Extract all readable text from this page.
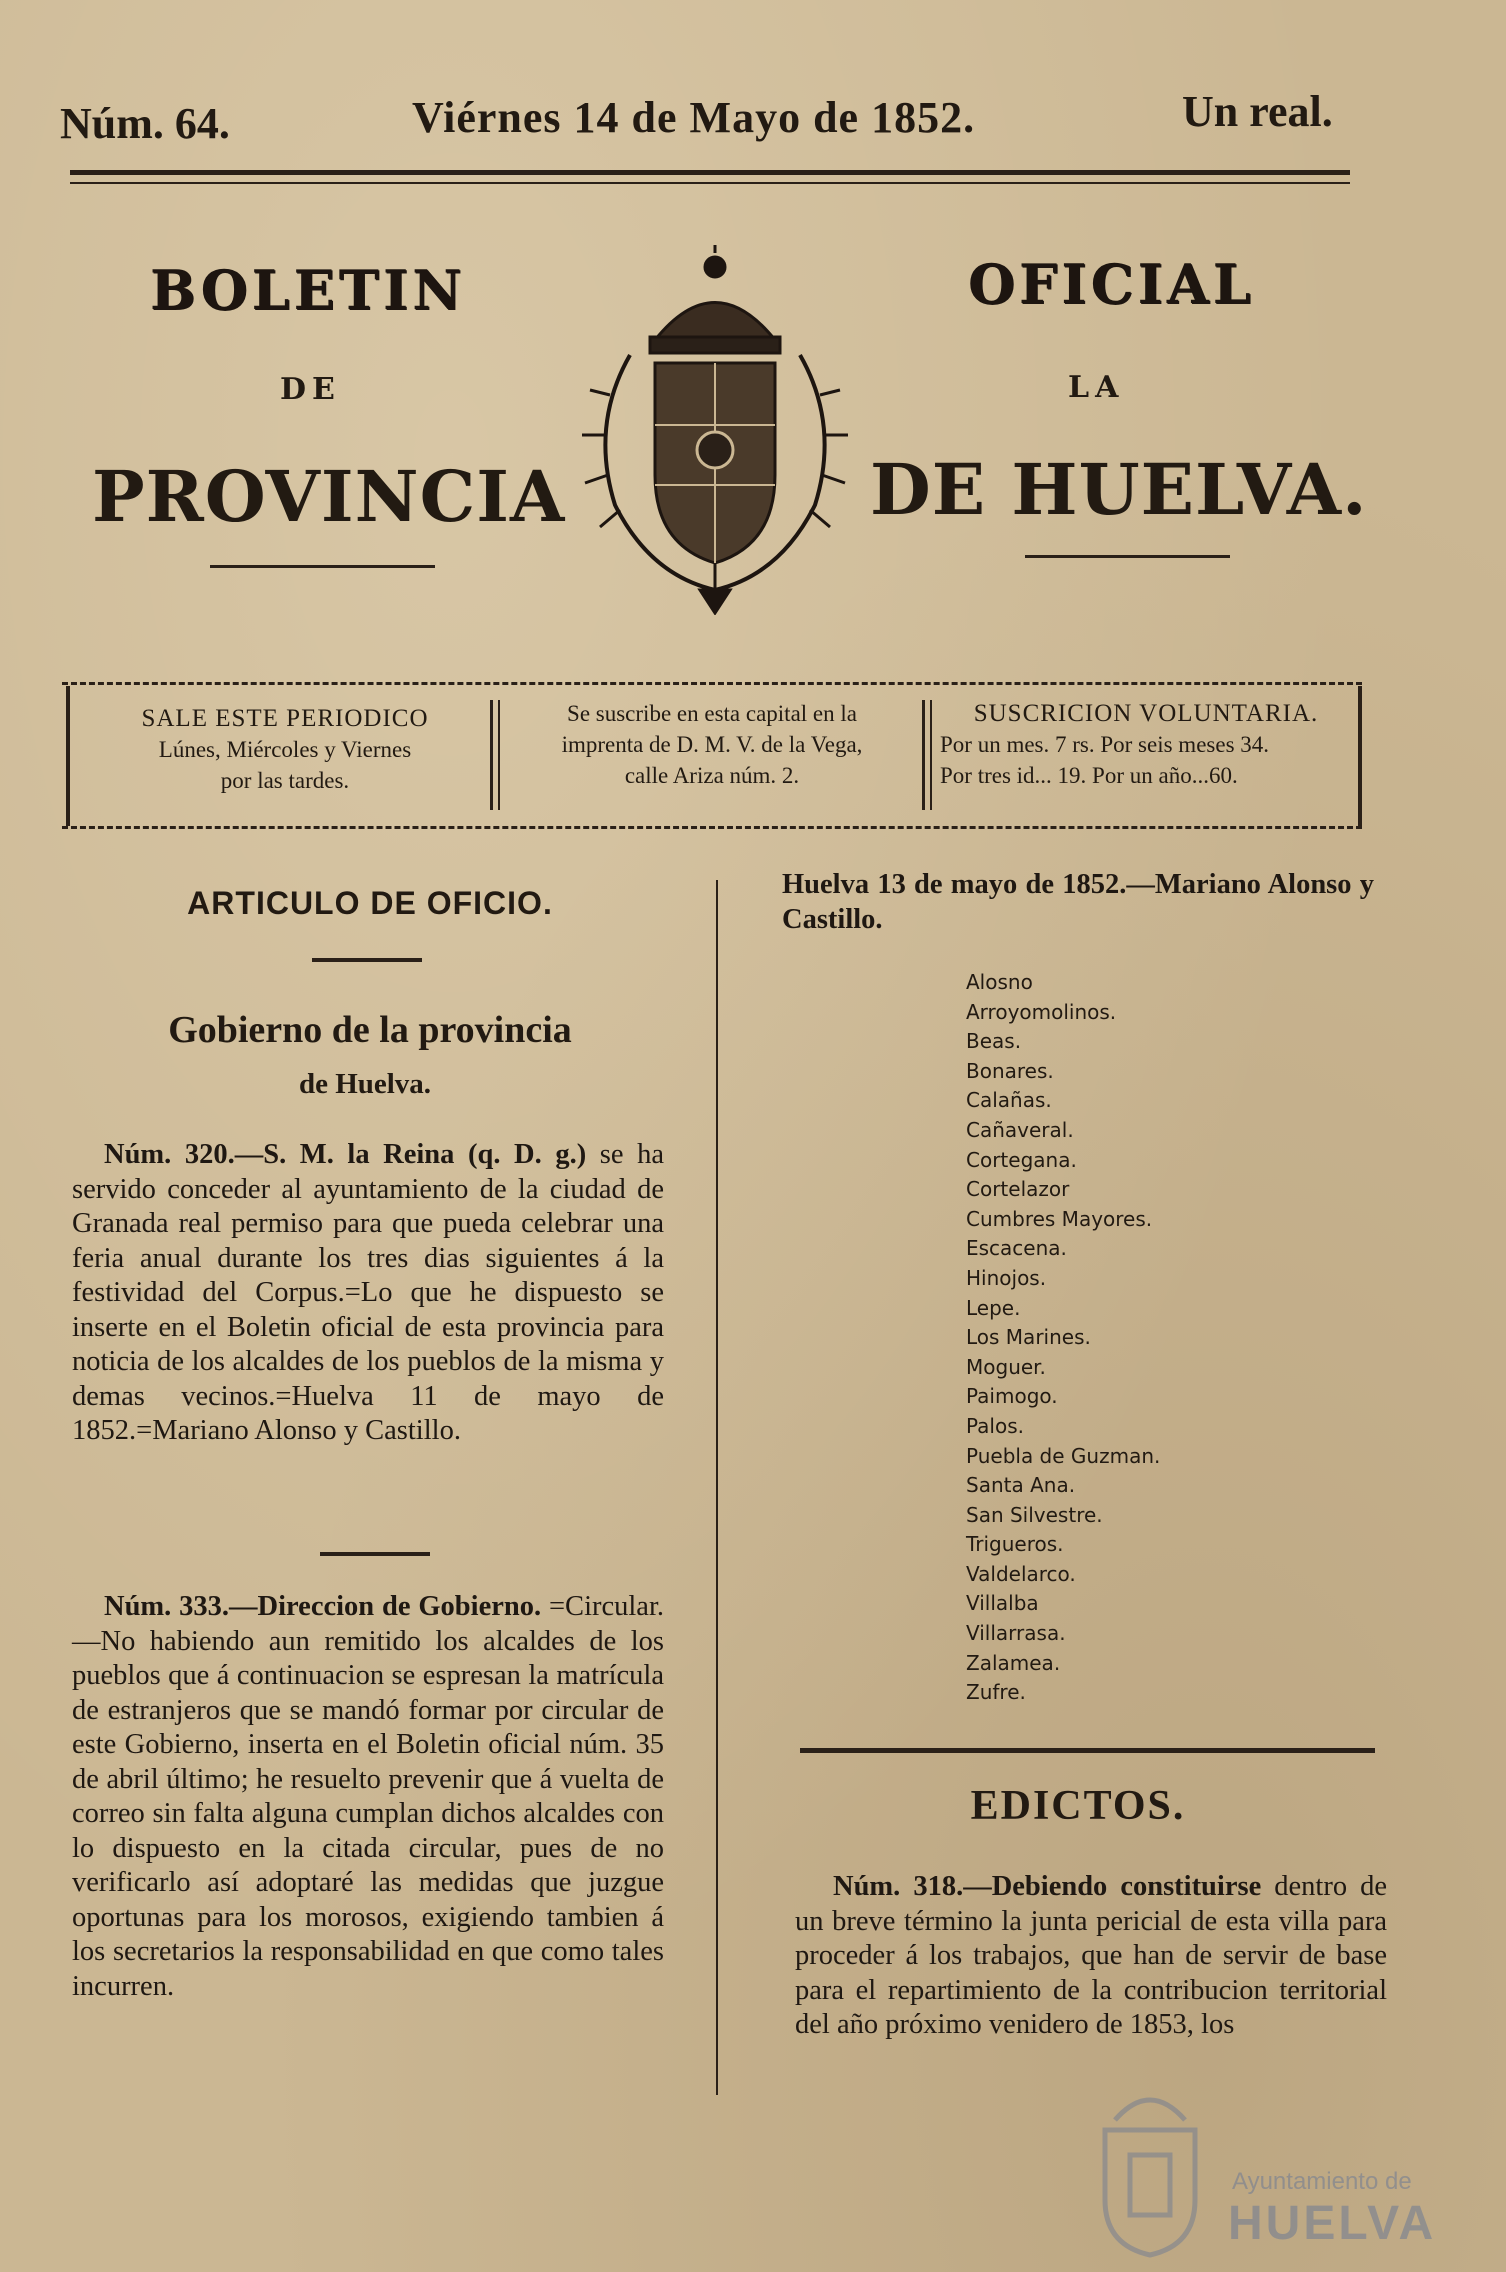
Núm. 64.	Viérnes 14 de Mayo de 1852.	Un real.
BOLETIN	OFICIAL
DE	LA
PROVINCIA	DE HUELVA.
SALE ESTE PERIODICO
Lúnes, Miércoles y Viernes
por las tardes.
Se suscribe en esta capital en la
imprenta de D. M. V. de la Vega,
calle Ariza núm. 2.
SUSCRICION VOLUNTARIA.
Por un mes. 7 rs. Por seis meses 34.
Por tres id... 19. Por un año...60.
ARTICULO DE OFICIO.
Gobierno de la provincia
de Huelva.
Núm. 320.—S. M. la Reina (q. D. g.) se ha servido conceder al ayuntamiento de la ciudad de Granada real permiso para que pueda celebrar una feria anual durante los tres dias siguientes á la festividad del Corpus.=Lo que he dispuesto se inserte en el Boletin oficial de esta provincia para noticia de los alcaldes de los pueblos de la misma y demas vecinos.=Huelva 11 de mayo de 1852.=Mariano Alonso y Castillo.
Núm. 333.—Direccion de Gobierno. =Circular.—No habiendo aun remitido los alcaldes de los pueblos que á continuacion se espresan la matrícula de estranjeros que se mandó formar por circular de este Gobierno, inserta en el Boletin oficial núm. 35 de abril último; he resuelto prevenir que á vuelta de correo sin falta alguna cumplan dichos alcaldes con lo dispuesto en la citada circular, pues de no verificarlo así adoptaré las medidas que juzgue oportunas para los morosos, exigiendo tambien á los secretarios la responsabilidad en que como tales incurren.
Huelva 13 de mayo de 1852.—Mariano Alonso y Castillo.
Alosno
Arroyomolinos.
Beas.
Bonares.
Calañas.
Cañaveral.
Cortegana.
Cortelazor
Cumbres Mayores.
Escacena.
Hinojos.
Lepe.
Los Marines.
Moguer.
Paimogo.
Palos.
Puebla de Guzman.
Santa Ana.
San Silvestre.
Trigueros.
Valdelarco.
Villalba
Villarrasa.
Zalamea.
Zufre.
EDICTOS.
Núm. 318.—Debiendo constituirse dentro de un breve término la junta pericial de esta villa para proceder á los trabajos, que han de servir de base para el repartimiento de la contribucion territorial del año próximo venidero de 1853, los
Ayuntamiento de
HUELVA
